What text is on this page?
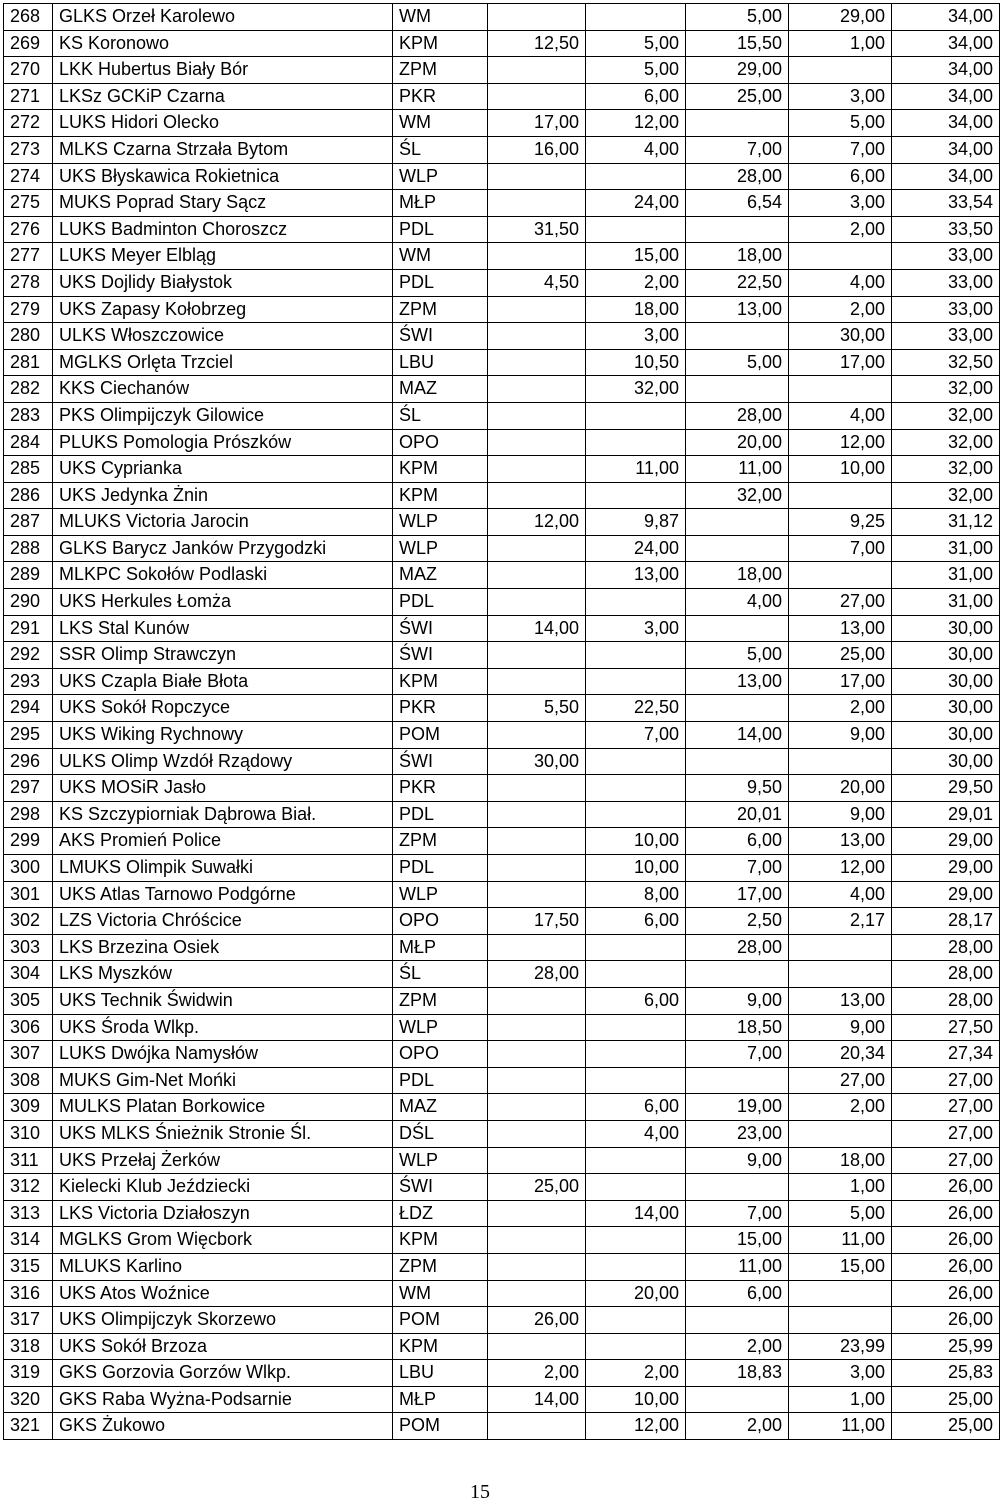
268	GLKS Orzeł Karolewo	WM			5,00	29,00	34,00
269	KS Koronowo	KPM	12,50	5,00	15,50	1,00	34,00
270	LKK Hubertus Biały Bór	ZPM		5,00	29,00		34,00
271	LKSz GCKiP Czarna	PKR		6,00	25,00	3,00	34,00
272	LUKS Hidori Olecko	WM	17,00	12,00		5,00	34,00
273	MLKS Czarna Strzała Bytom	ŚL	16,00	4,00	7,00	7,00	34,00
274	UKS Błyskawica Rokietnica	WLP			28,00	6,00	34,00
275	MUKS Poprad Stary Sącz	MŁP		24,00	6,54	3,00	33,54
276	LUKS Badminton Choroszcz	PDL	31,50			2,00	33,50
277	LUKS Meyer Elbląg	WM		15,00	18,00		33,00
278	UKS Dojlidy Białystok	PDL	4,50	2,00	22,50	4,00	33,00
279	UKS Zapasy Kołobrzeg	ZPM		18,00	13,00	2,00	33,00
280	ULKS Włoszczowice	ŚWI		3,00		30,00	33,00
281	MGLKS Orlęta Trzciel	LBU		10,50	5,00	17,00	32,50
282	KKS Ciechanów	MAZ		32,00			32,00
283	PKS Olimpijczyk Gilowice	ŚL			28,00	4,00	32,00
284	PLUKS Pomologia Prószków	OPO			20,00	12,00	32,00
285	UKS Cyprianka	KPM		11,00	11,00	10,00	32,00
286	UKS Jedynka Żnin	KPM			32,00		32,00
287	MLUKS Victoria Jarocin	WLP	12,00	9,87		9,25	31,12
288	GLKS Barycz Janków Przygodzki	WLP		24,00		7,00	31,00
289	MLKPC Sokołów Podlaski	MAZ		13,00	18,00		31,00
290	UKS Herkules Łomża	PDL			4,00	27,00	31,00
291	LKS Stal Kunów	ŚWI	14,00	3,00		13,00	30,00
292	SSR Olimp Strawczyn	ŚWI			5,00	25,00	30,00
293	UKS Czapla Białe Błota	KPM			13,00	17,00	30,00
294	UKS Sokół Ropczyce	PKR	5,50	22,50		2,00	30,00
295	UKS Wiking Rychnowy	POM		7,00	14,00	9,00	30,00
296	ULKS Olimp Wzdół Rządowy	ŚWI	30,00				30,00
297	UKS MOSiR Jasło	PKR			9,50	20,00	29,50
298	KS Szczypiorniak Dąbrowa Biał.	PDL			20,01	9,00	29,01
299	AKS Promień Police	ZPM		10,00	6,00	13,00	29,00
300	LMUKS Olimpik Suwałki	PDL		10,00	7,00	12,00	29,00
301	UKS Atlas Tarnowo Podgórne	WLP		8,00	17,00	4,00	29,00
302	LZS Victoria Chróścice	OPO	17,50	6,00	2,50	2,17	28,17
303	LKS Brzezina Osiek	MŁP			28,00		28,00
304	LKS Myszków	ŚL	28,00				28,00
305	UKS Technik Świdwin	ZPM		6,00	9,00	13,00	28,00
306	UKS Środa Wlkp.	WLP			18,50	9,00	27,50
307	LUKS Dwójka Namysłów	OPO			7,00	20,34	27,34
308	MUKS Gim-Net Mońki	PDL				27,00	27,00
309	MULKS Platan Borkowice	MAZ		6,00	19,00	2,00	27,00
310	UKS MLKS Śnieżnik Stronie Śl.	DŚL		4,00	23,00		27,00
311	UKS Przełaj Żerków	WLP			9,00	18,00	27,00
312	Kielecki Klub Jeździecki	ŚWI	25,00			1,00	26,00
313	LKS Victoria Działoszyn	ŁDZ		14,00	7,00	5,00	26,00
314	MGLKS Grom Więcbork	KPM			15,00	11,00	26,00
315	MLUKS Karlino	ZPM			11,00	15,00	26,00
316	UKS Atos Woźnice	WM		20,00	6,00		26,00
317	UKS Olimpijczyk Skorzewo	POM	26,00				26,00
318	UKS Sokół Brzoza	KPM			2,00	23,99	25,99
319	GKS Gorzovia Gorzów Wlkp.	LBU	2,00	2,00	18,83	3,00	25,83
320	GKS Raba Wyżna-Podsarnie	MŁP	14,00	10,00		1,00	25,00
321	GKS Żukowo	POM		12,00	2,00	11,00	25,00
15
